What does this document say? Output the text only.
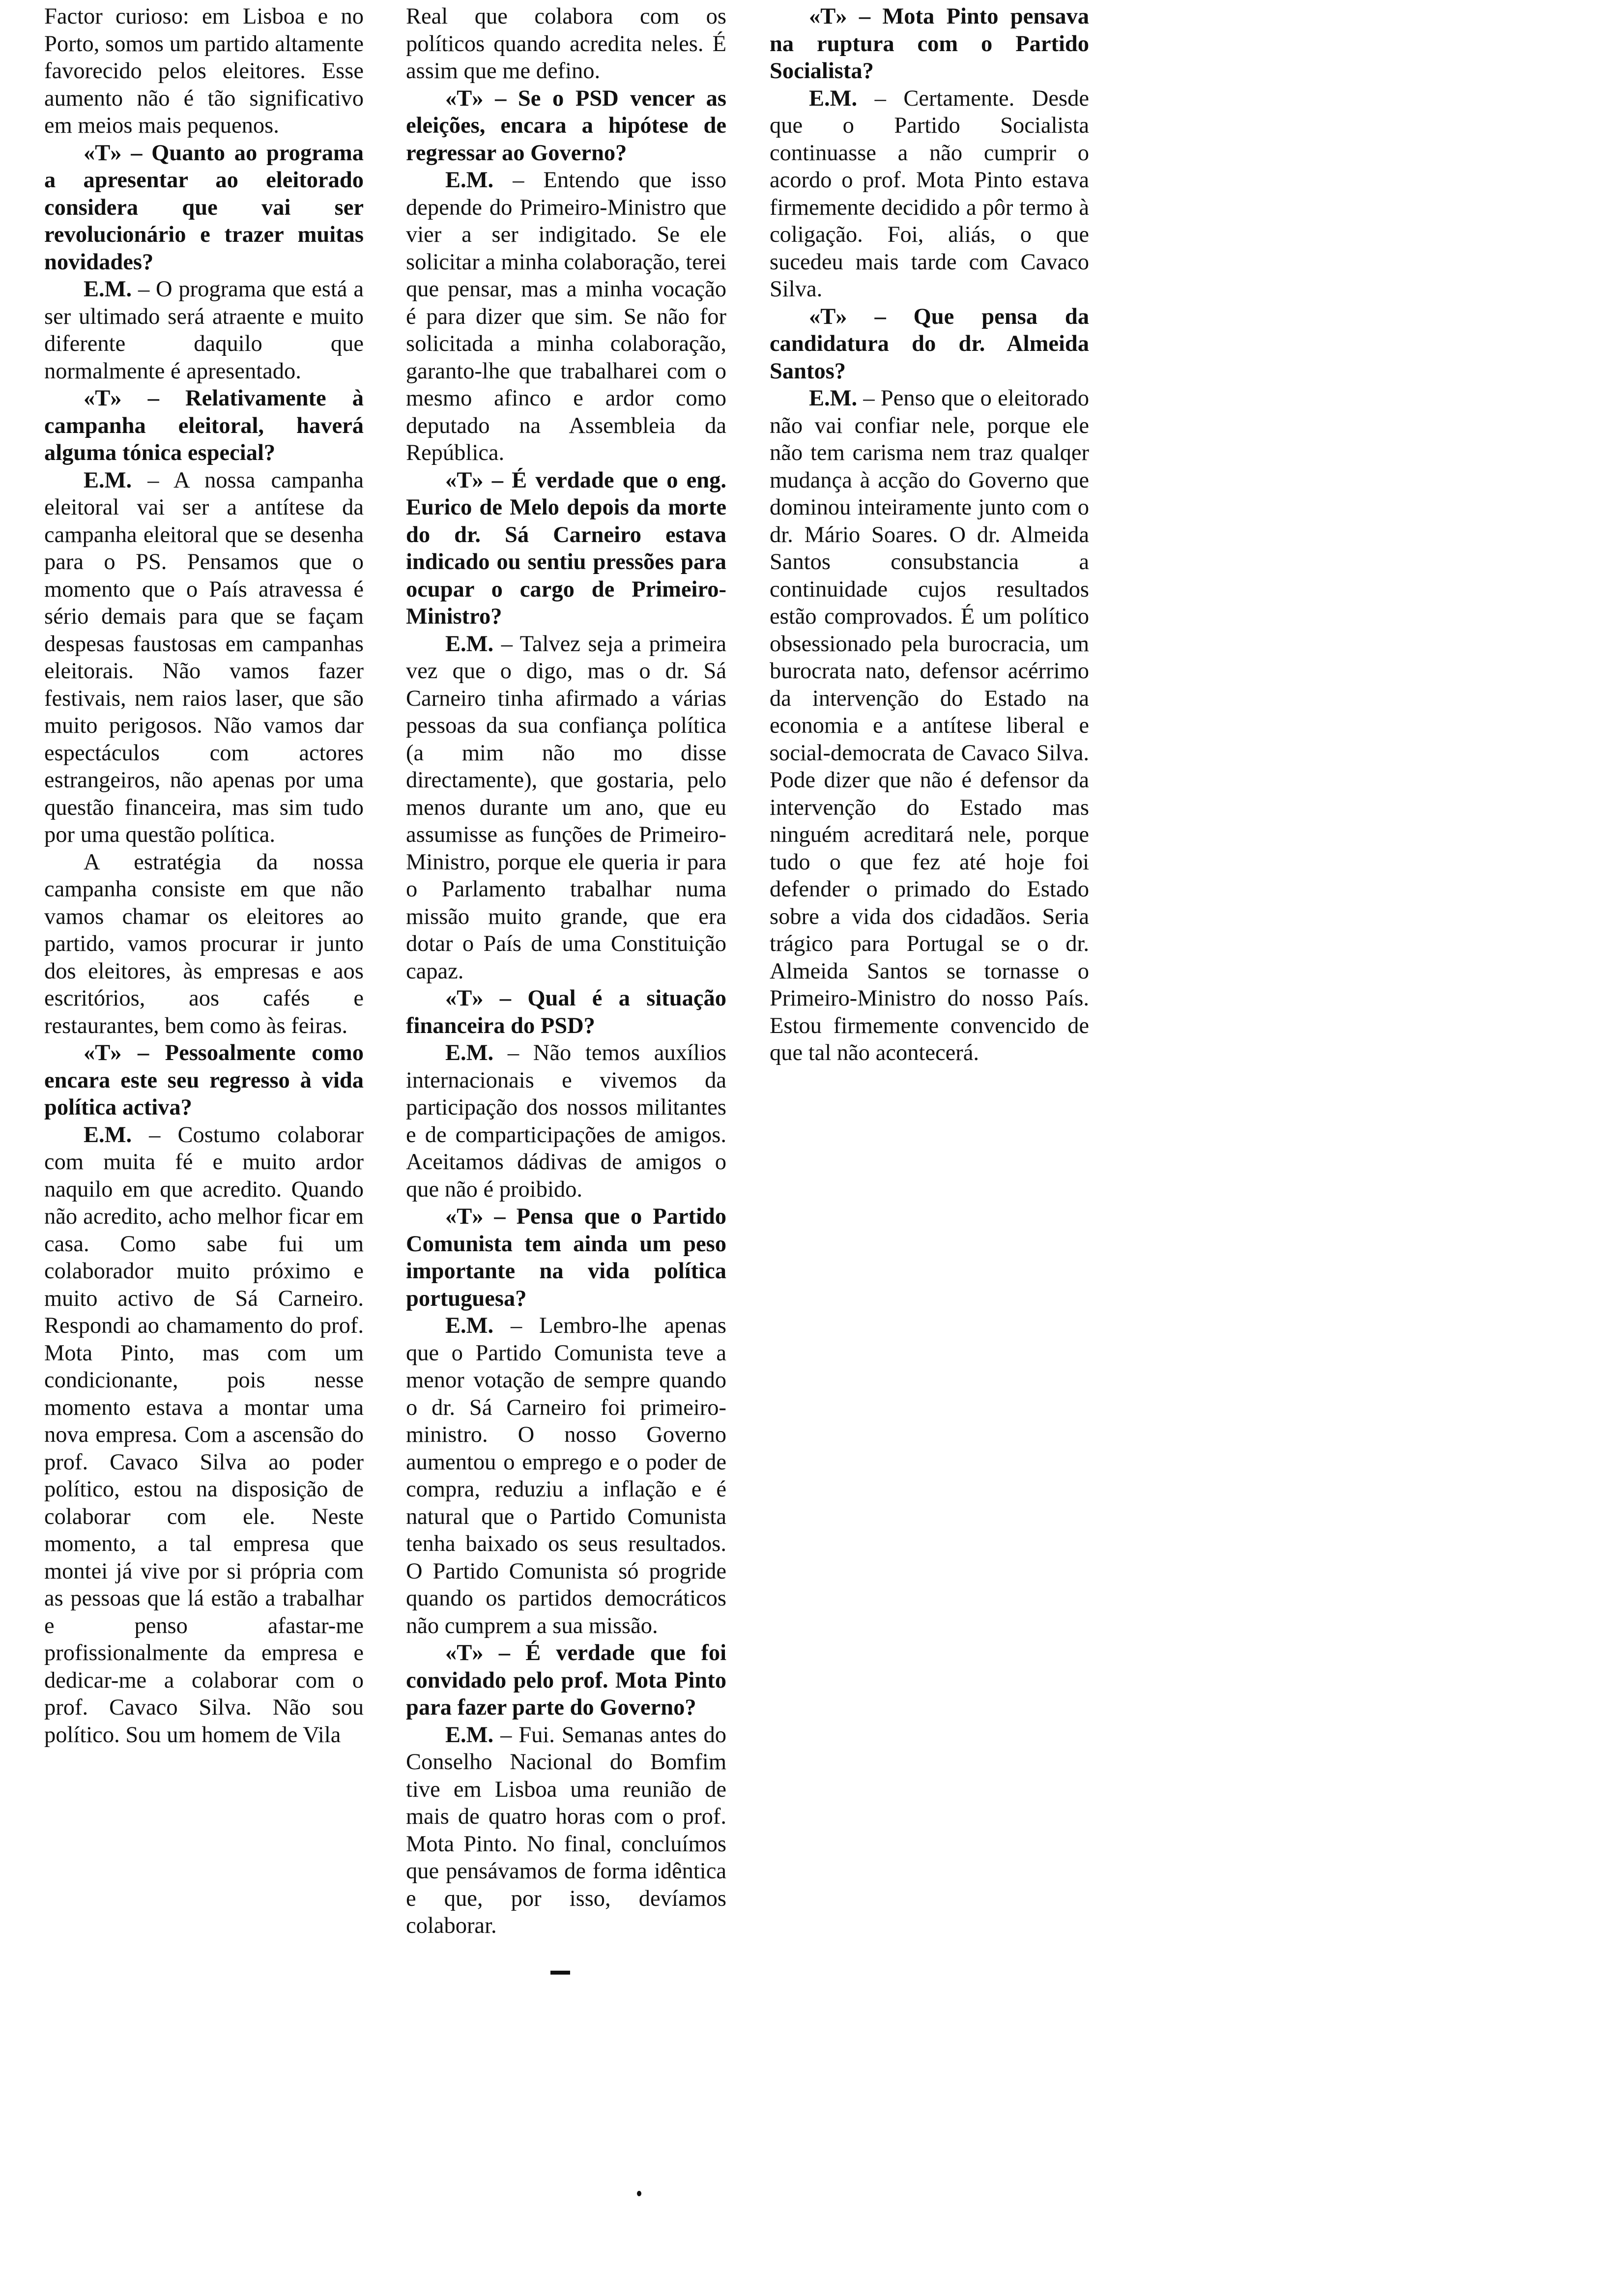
Factor curioso: em Lisboa e no Porto, somos um partido altamente favorecido pelos eleitores. Esse aumento não é tão significativo em meios mais pequenos.

«T» – Quanto ao programa a apresentar ao eleitorado considera que vai ser revolucionário e trazer muitas novidades?

E.M. – O programa que está a ser ultimado será atraente e muito diferente daquilo que normalmente é apresentado.

«T» – Relativamente à campanha eleitoral, haverá alguma tónica especial?

E.M. – A nossa campanha eleitoral vai ser a antítese da campanha eleitoral que se desenha para o PS. Pensamos que o momento que o País atravessa é sério demais para que se façam despesas faustosas em campanhas eleitorais. Não vamos fazer festivais, nem raios laser, que são muito perigosos. Não vamos dar espectáculos com actores estrangeiros, não apenas por uma questão financeira, mas sim tudo por uma questão política.

A estratégia da nossa campanha consiste em que não vamos chamar os eleitores ao partido, vamos procurar ir junto dos eleitores, às empresas e aos escritórios, aos cafés e restaurantes, bem como às feiras.

«T» – Pessoalmente como encara este seu regresso à vida política activa?

E.M. – Costumo colaborar com muita fé e muito ardor naquilo em que acredito. Quando não acredito, acho melhor ficar em casa. Como sabe fui um colaborador muito próximo e muito activo de Sá Carneiro. Respondi ao chamamento do prof. Mota Pinto, mas com um condicionante, pois nesse momento estava a montar uma nova empresa. Com a ascensão do prof. Cavaco Silva ao poder político, estou na disposição de colaborar com ele. Neste momento, a tal empresa que montei já vive por si própria com as pessoas que lá estão a trabalhar e penso afastar-me profissionalmente da empresa e dedicar-me a colaborar com o prof. Cavaco Silva. Não sou político. Sou um homem de Vila

Real que colabora com os políticos quando acredita neles. É assim que me defino.

«T» – Se o PSD vencer as eleições, encara a hipótese de regressar ao Governo?

E.M. – Entendo que isso depende do Primeiro-Ministro que vier a ser indigitado. Se ele solicitar a minha colaboração, terei que pensar, mas a minha vocação é para dizer que sim. Se não for solicitada a minha colaboração, garanto-lhe que trabalharei com o mesmo afinco e ardor como deputado na Assembleia da República.

«T» – É verdade que o eng. Eurico de Melo depois da morte do dr. Sá Carneiro estava indicado ou sentiu pressões para ocupar o cargo de Primeiro-Ministro?

E.M. – Talvez seja a primeira vez que o digo, mas o dr. Sá Carneiro tinha afirmado a várias pessoas da sua confiança política (a mim não mo disse directamente), que gostaria, pelo menos durante um ano, que eu assumisse as funções de Primeiro-Ministro, porque ele queria ir para o Parlamento trabalhar numa missão muito grande, que era dotar o País de uma Constituição capaz.

«T» – Qual é a situação financeira do PSD?

E.M. – Não temos auxílios internacionais e vivemos da participação dos nossos militantes e de comparticipações de amigos. Aceitamos dádivas de amigos o que não é proibido.

«T» – Pensa que o Partido Comunista tem ainda um peso importante na vida política portuguesa?

E.M. – Lembro-lhe apenas que o Partido Comunista teve a menor votação de sempre quando o dr. Sá Carneiro foi primeiro-ministro. O nosso Governo aumentou o emprego e o poder de compra, reduziu a inflação e é natural que o Partido Comunista tenha baixado os seus resultados. O Partido Comunista só progride quando os partidos democráticos não cumprem a sua missão.

«T» – É verdade que foi convidado pelo prof. Mota Pinto para fazer parte do Governo?

E.M. – Fui. Semanas antes do Conselho Nacional do Bomfim tive em Lisboa uma reunião de mais de quatro horas com o prof. Mota Pinto. No final, concluímos que pensávamos de forma idêntica e que, por isso, devíamos colaborar.

«T» – Mota Pinto pensava na ruptura com o Partido Socialista?

E.M. – Certamente. Desde que o Partido Socialista continuasse a não cumprir o acordo o prof. Mota Pinto estava firmemente decidido a pôr termo à coligação. Foi, aliás, o que sucedeu mais tarde com Cavaco Silva.

«T» – Que pensa da candidatura do dr. Almeida Santos?

E.M. – Penso que o eleitorado não vai confiar nele, porque ele não tem carisma nem traz qualqer mudança à acção do Governo que dominou inteiramente junto com o dr. Mário Soares. O dr. Almeida Santos consubstancia a continuidade cujos resultados estão comprovados. É um político obsessionado pela burocracia, um burocrata nato, defensor acérrimo da intervenção do Estado na economia e a antítese liberal e social-democrata de Cavaco Silva. Pode dizer que não é defensor da intervenção do Estado mas ninguém acreditará nele, porque tudo o que fez até hoje foi defender o primado do Estado sobre a vida dos cidadãos. Seria trágico para Portugal se o dr. Almeida Santos se tornasse o Primeiro-Ministro do nosso País. Estou firmemente convencido de que tal não acontecerá.
